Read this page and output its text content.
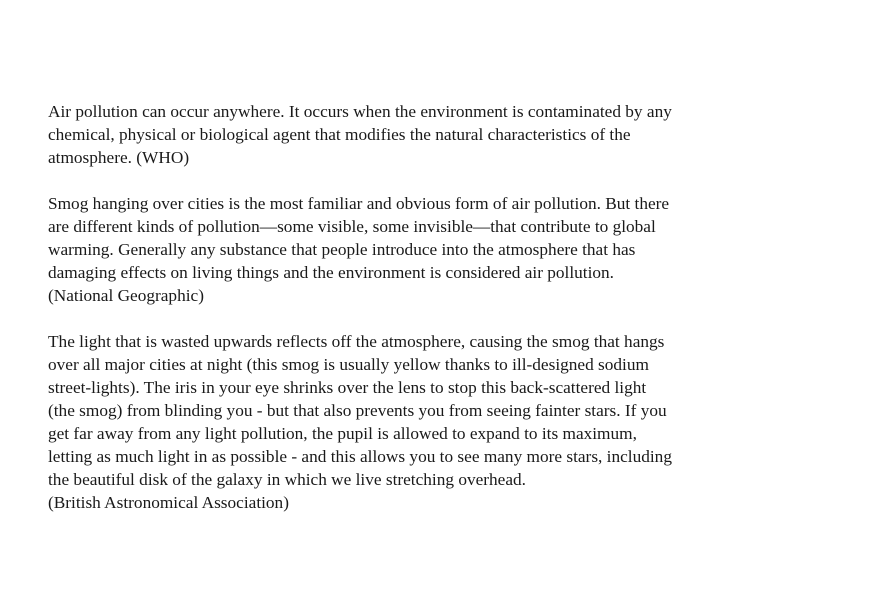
Air pollution can occur anywhere. It occurs when the environment is contaminated by any
chemical, physical or biological agent that modifies the natural characteristics of the
atmosphere. (WHO)

Smog hanging over cities is the most familiar and obvious form of air pollution. But there
are different kinds of pollution—some visible, some invisible—that contribute to global
warming. Generally any substance that people introduce into the atmosphere that has
damaging effects on living things and the environment is considered air pollution.
(National Geographic)

The light that is wasted upwards reflects off the atmosphere, causing the smog that hangs
over all major cities at night (this smog is usually yellow thanks to ill-designed sodium
street-lights). The iris in your eye shrinks over the lens to stop this back-scattered light
(the smog) from blinding you - but that also prevents you from seeing fainter stars. If you
get far away from any light pollution, the pupil is allowed to expand to its maximum,
letting as much light in as possible - and this allows you to see many more stars, including
the beautiful disk of the galaxy in which we live stretching overhead.
(British Astronomical Association)
